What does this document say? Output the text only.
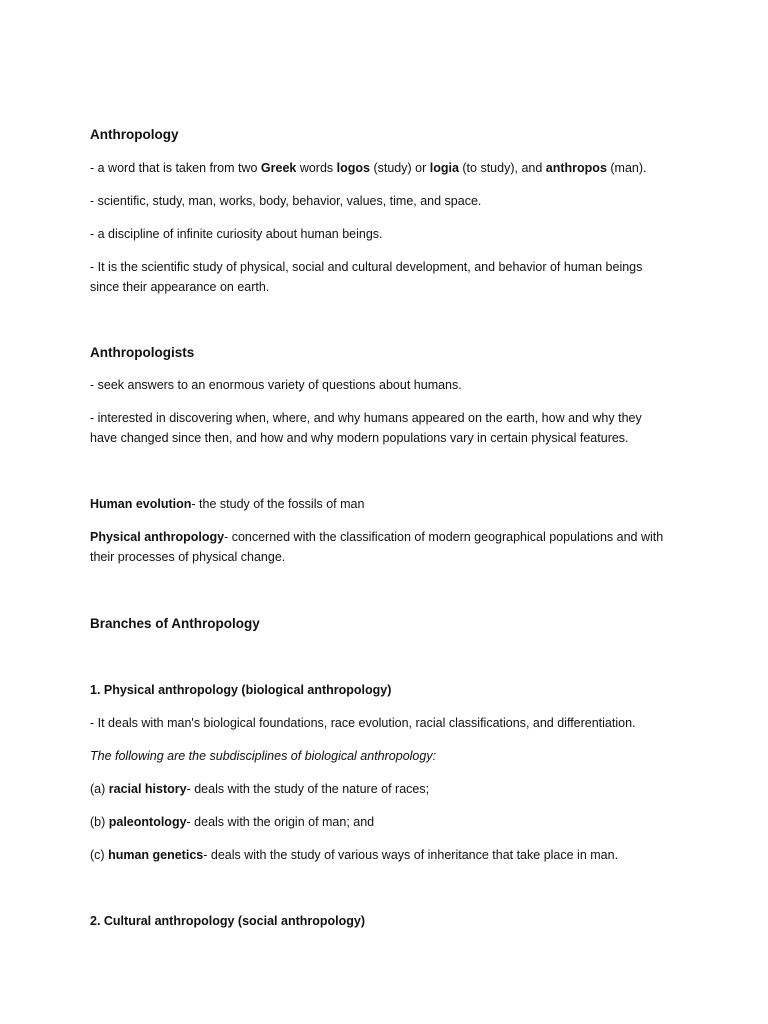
Anthropology
- a word that is taken from two Greek words logos (study) or logia (to study), and anthropos (man).
- scientific, study, man, works, body, behavior, values, time, and space.
- a discipline of infinite curiosity about human beings.
- It is the scientific study of physical, social and cultural development, and behavior of human beings
since their appearance on earth.
Anthropologists
- seek answers to an enormous variety of questions about humans.
- interested in discovering when, where, and why humans appeared on the earth, how and why they
have changed since then, and how and why modern populations vary in certain physical features.
Human evolution- the study of the fossils of man
Physical anthropology- concerned with the classification of modern geographical populations and with
their processes of physical change.
Branches of Anthropology
1. Physical anthropology (biological anthropology)
- It deals with man's biological foundations, race evolution, racial classifications, and differentiation.
The following are the subdisciplines of biological anthropology:
(a) racial history- deals with the study of the nature of races;
(b) paleontology- deals with the origin of man; and
(c) human genetics- deals with the study of various ways of inheritance that take place in man.
2. Cultural anthropology (social anthropology)
